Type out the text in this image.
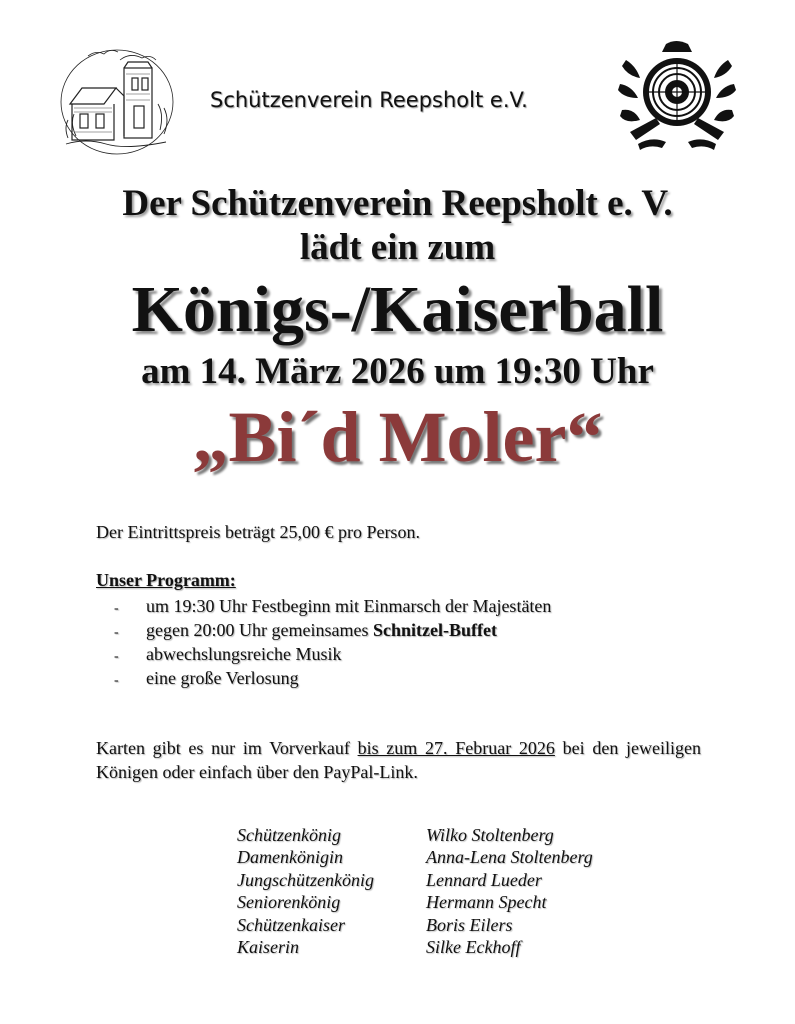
Schützenverein Reepsholt e.V.
Der Schützenverein Reepsholt e. V.
lädt ein zum
Königs-/Kaiserball
am 14. März 2026 um 19:30 Uhr
„Bi´d Moler“
Der Eintrittspreis beträgt 25,00 € pro Person.
Unser Programm:
- um 19:30 Uhr Festbeginn mit Einmarsch der Majestäten
- gegen 20:00 Uhr gemeinsames Schnitzel-Buffet
- abwechslungsreiche Musik
- eine große Verlosung
Karten gibt es nur im Vorverkauf bis zum 27. Februar 2026 bei den jeweiligen Königen oder einfach über den PayPal-Link.
Schützenkönig	Wilko Stoltenberg
Damenkönigin	Anna-Lena Stoltenberg
Jungschützenkönig	Lennard Lueder
Seniorenkönig	Hermann Specht
Schützenkaiser	Boris Eilers
Kaiserin	Silke Eckhoff
